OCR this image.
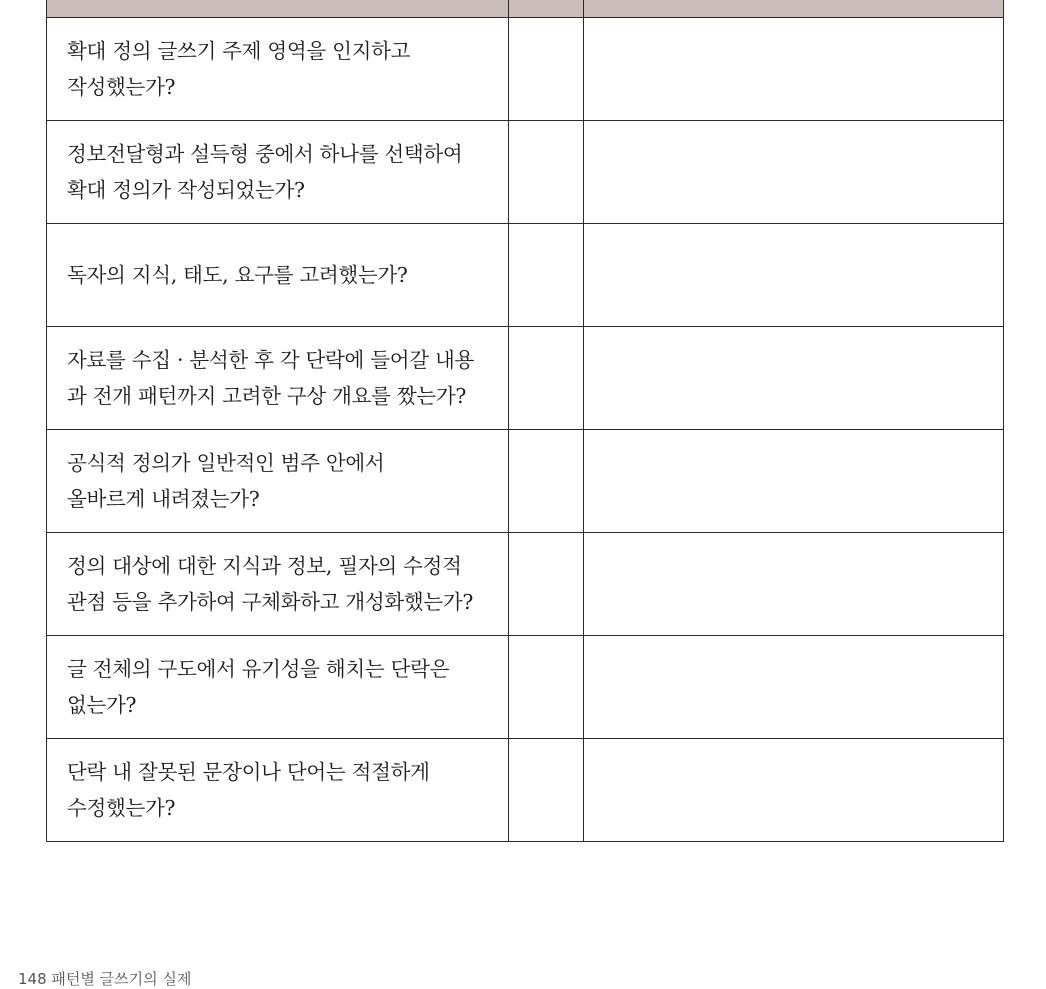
확대 정의 글쓰기 주제 영역을 인지하고
작성했는가?		

정보전달형과 설득형 중에서 하나를 선택하여
확대 정의가 작성되었는가?		

독자의 지식, 태도, 요구를 고려했는가?		

자료를 수집 · 분석한 후 각 단락에 들어갈 내용
과 전개 패턴까지 고려한 구상 개요를 짰는가?		

공식적 정의가 일반적인 범주 안에서
올바르게 내려졌는가?		

정의 대상에 대한 지식과 정보, 필자의 수정적
관점 등을 추가하여 구체화하고 개성화했는가?		

글 전체의 구도에서 유기성을 해치는 단락은
없는가?		

단락 내 잘못된 문장이나 단어는 적절하게
수정했는가?		

148 패턴별 글쓰기의 실제
